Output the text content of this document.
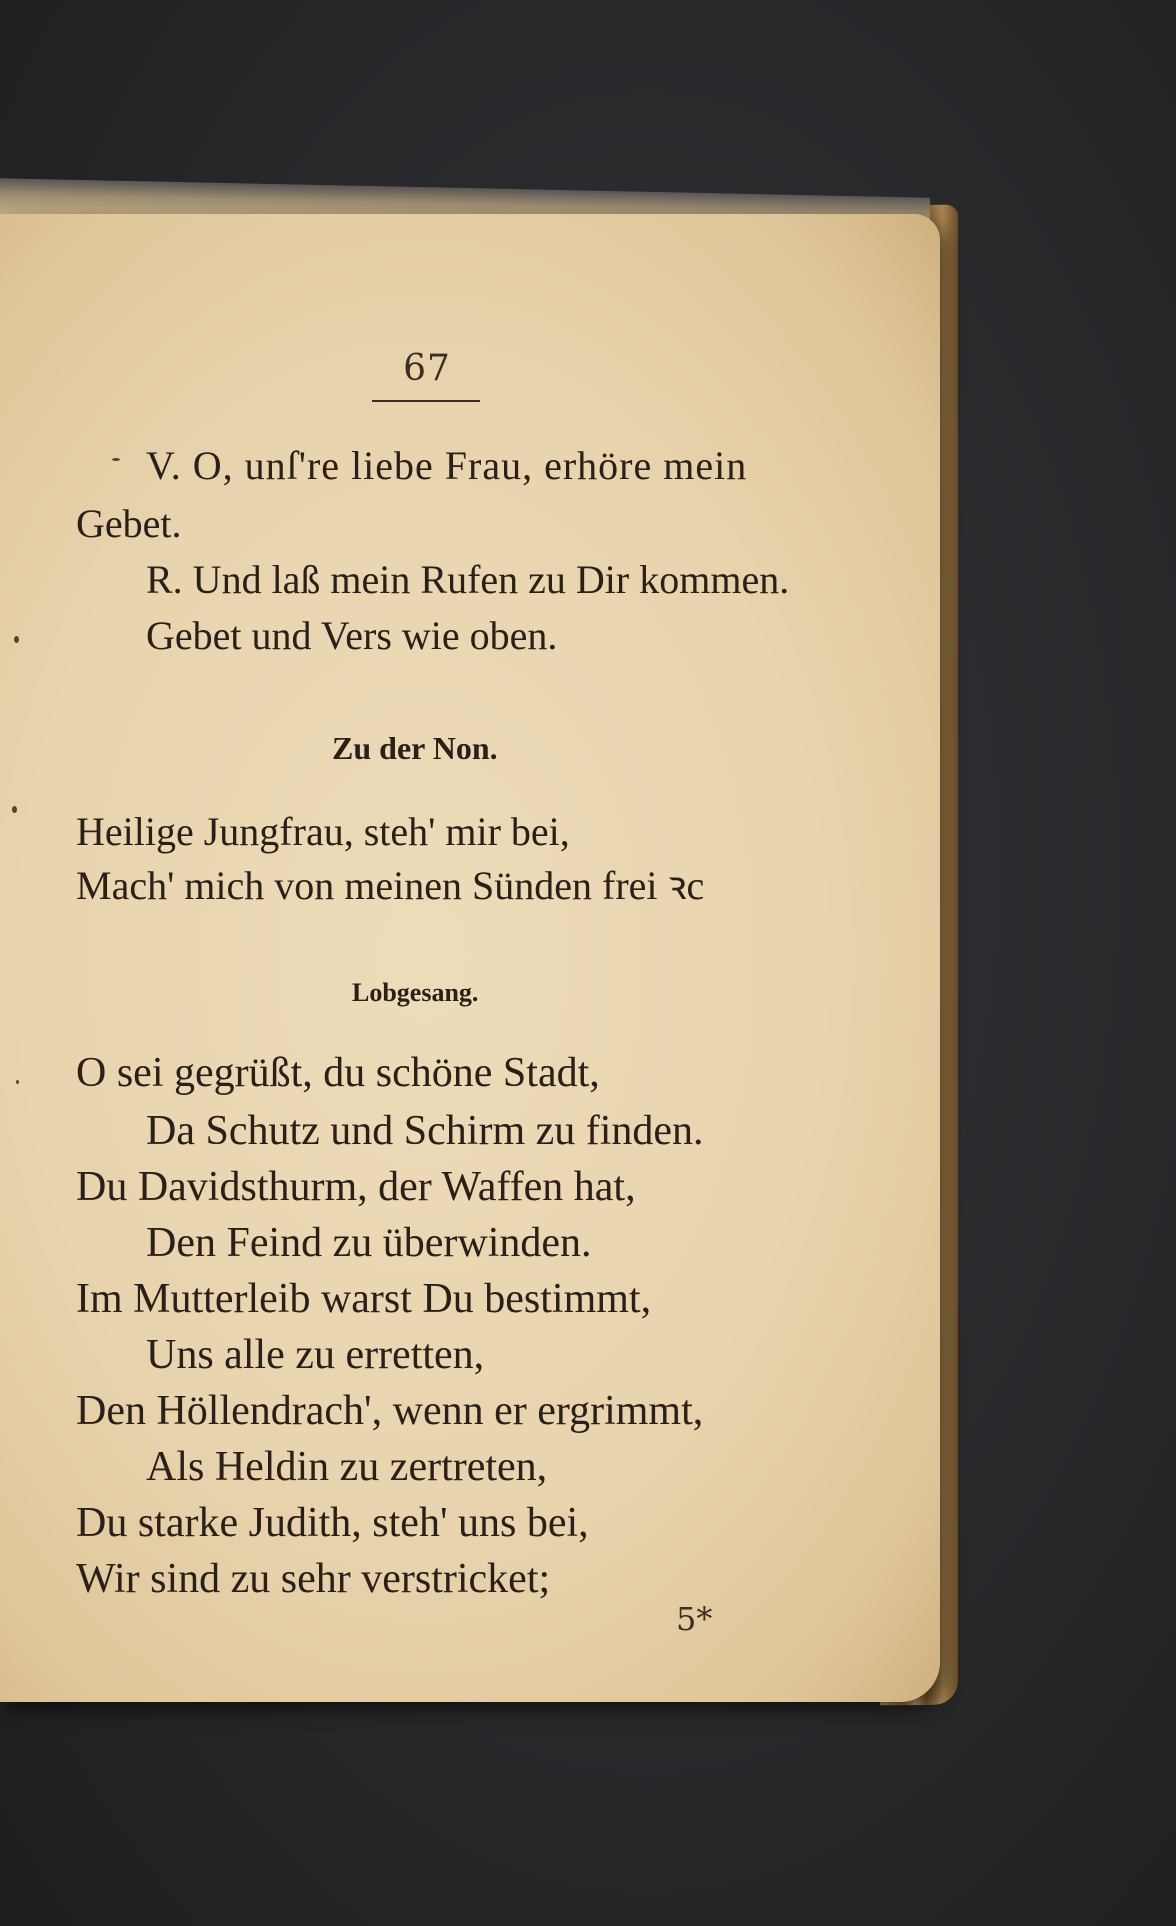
67
V. O, unſ're liebe Frau, erhöre mein
Gebet.
R. Und laß mein Rufen zu Dir kommen.
Gebet und Vers wie oben.
Zu der Non.
Heilige Jungfrau, steh' mir bei,
Mach' mich von meinen Sünden frei ꝛc
Lobgesang.
O sei gegrüßt, du schöne Stadt,
Da Schutz und Schirm zu finden.
Du Davidsthurm, der Waffen hat,
Den Feind zu überwinden.
Im Mutterleib warst Du bestimmt,
Uns alle zu erretten,
Den Höllendrach', wenn er ergrimmt,
Als Heldin zu zertreten,
Du starke Judith, steh' uns bei,
Wir sind zu sehr verstricket;
5*
